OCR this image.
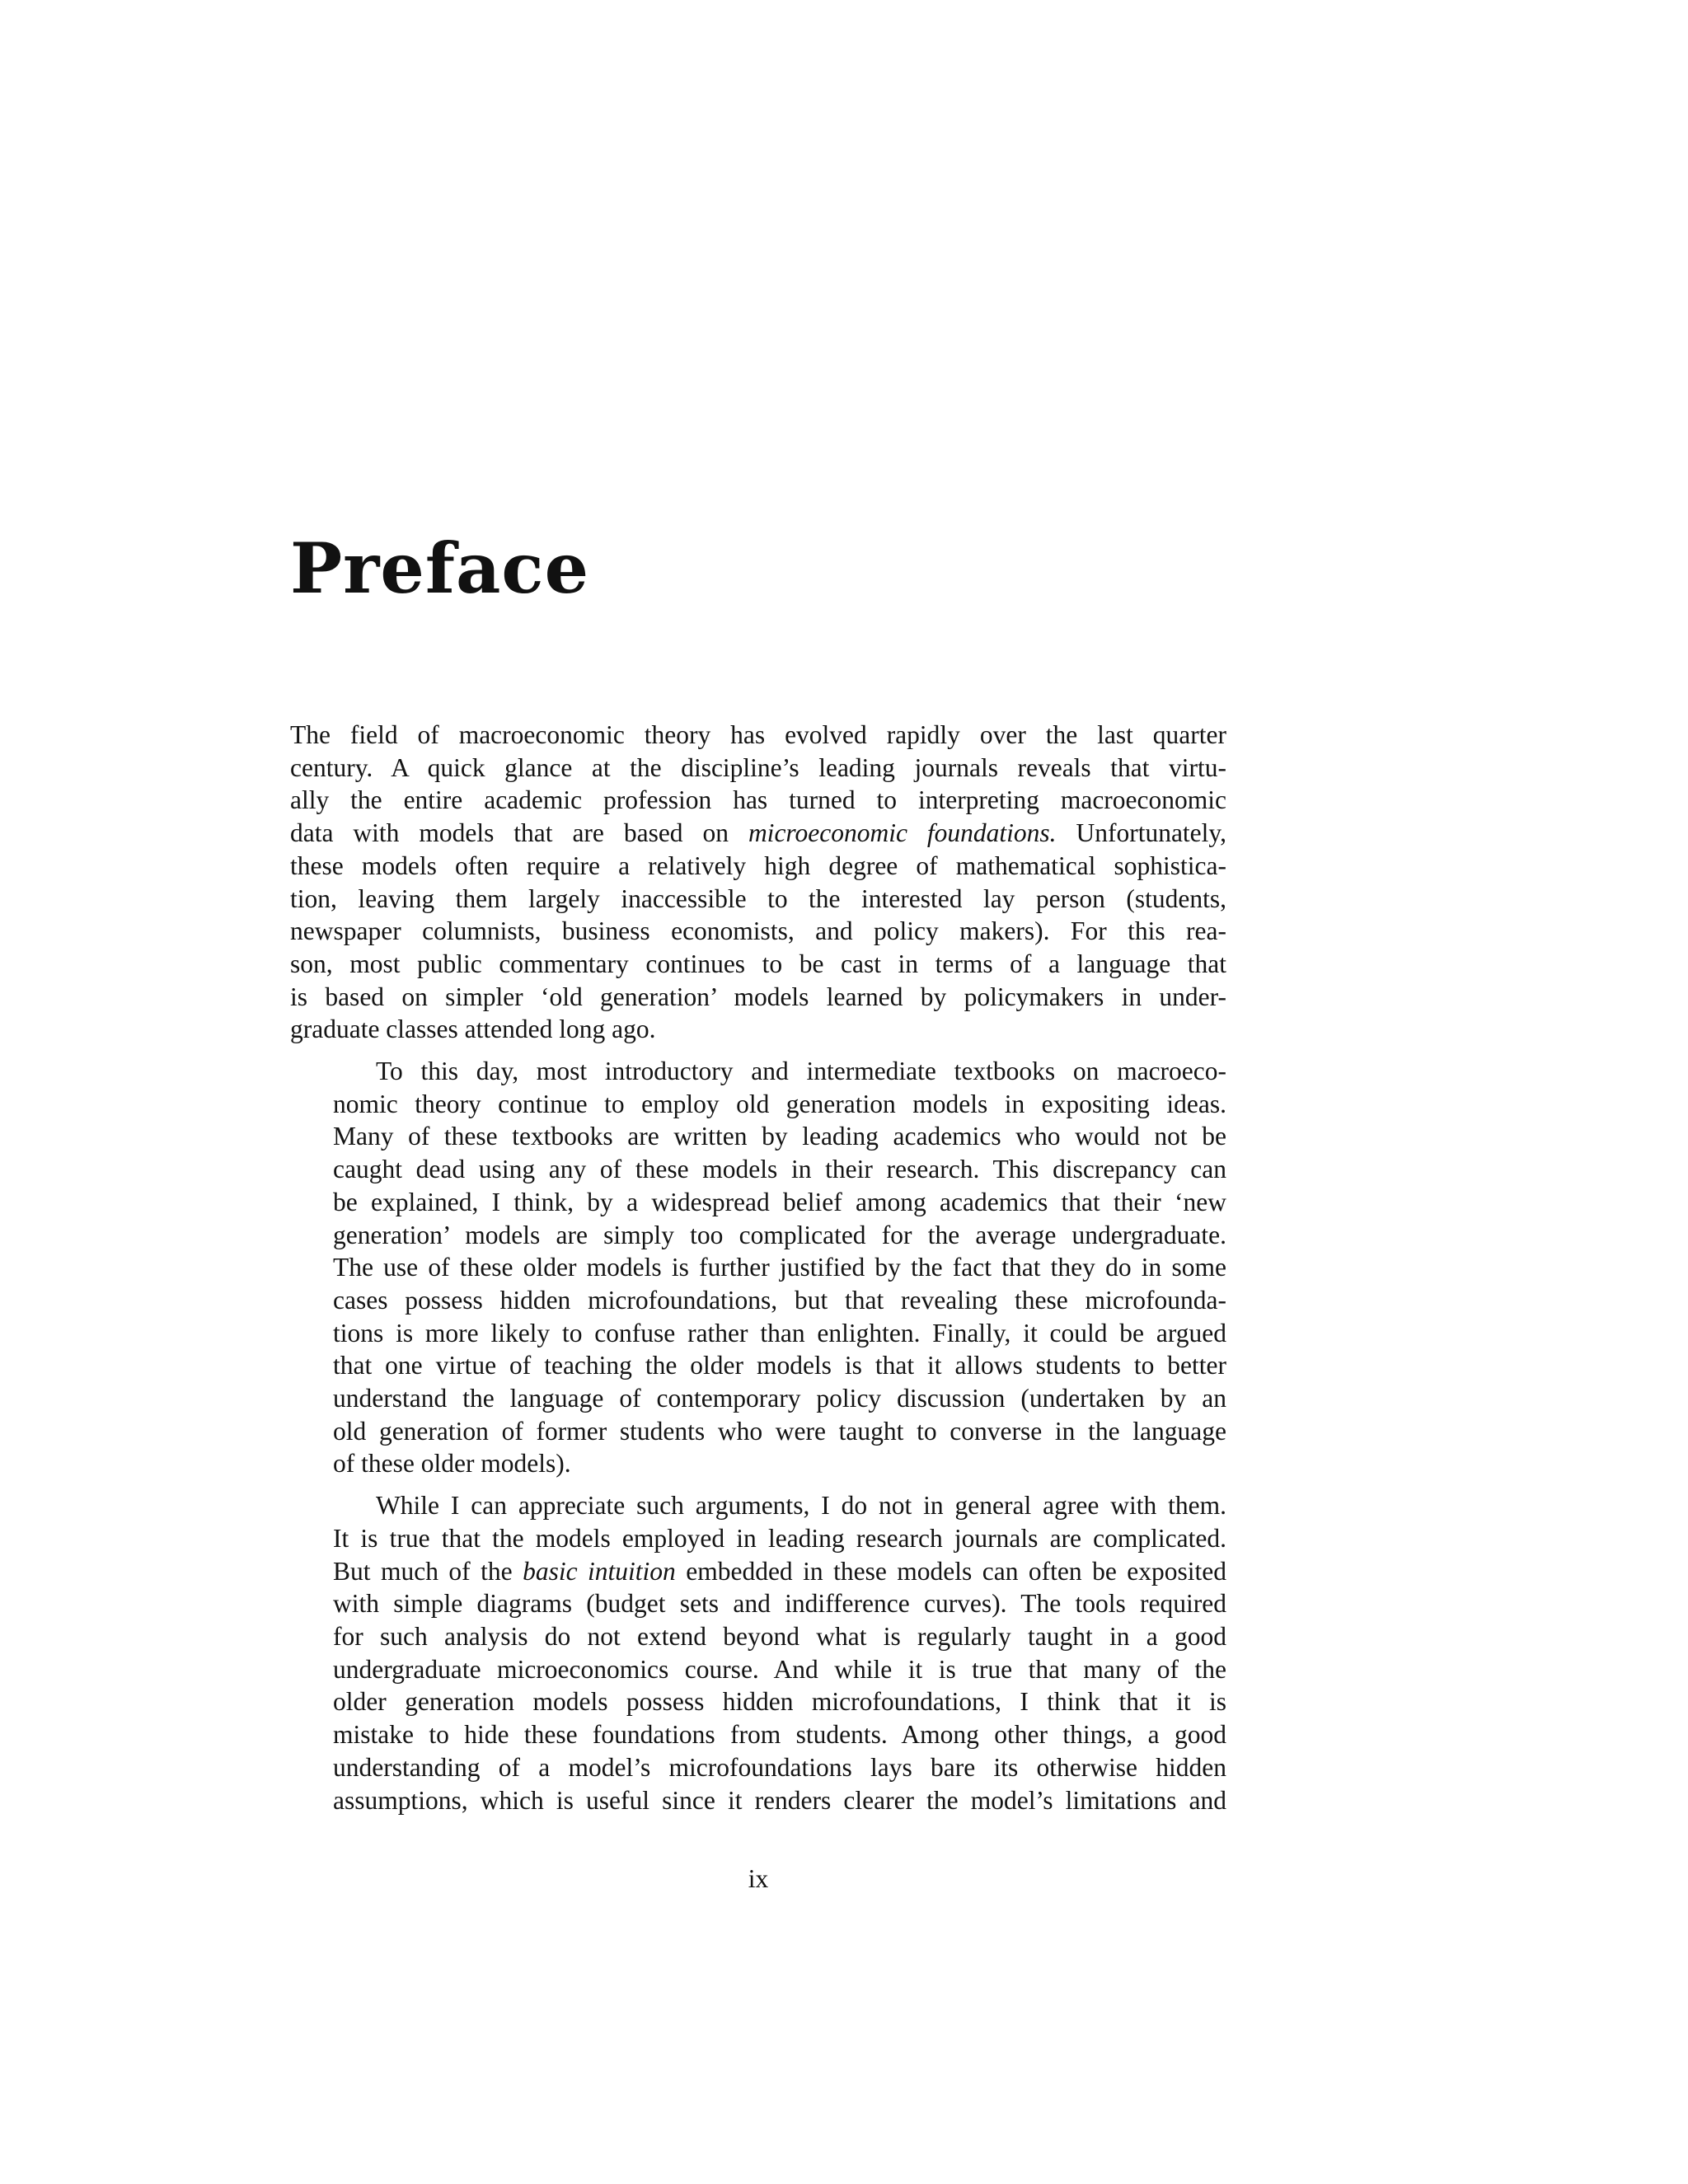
Preface

The field of macroeconomic theory has evolved rapidly over the last quarter
century. A quick glance at the discipline’s leading journals reveals that virtu-
ally the entire academic profession has turned to interpreting macroeconomic
data with models that are based on microeconomic foundations. Unfortunately,
these models often require a relatively high degree of mathematical sophistica-
tion, leaving them largely inaccessible to the interested lay person (students,
newspaper columnists, business economists, and policy makers). For this rea-
son, most public commentary continues to be cast in terms of a language that
is based on simpler ‘old generation’ models learned by policymakers in under-
graduate classes attended long ago.

To this day, most introductory and intermediate textbooks on macroeco-
nomic theory continue to employ old generation models in expositing ideas.
Many of these textbooks are written by leading academics who would not be
caught dead using any of these models in their research. This discrepancy can
be explained, I think, by a widespread belief among academics that their ‘new
generation’ models are simply too complicated for the average undergraduate.
The use of these older models is further justified by the fact that they do in some
cases possess hidden microfoundations, but that revealing these microfounda-
tions is more likely to confuse rather than enlighten. Finally, it could be argued
that one virtue of teaching the older models is that it allows students to better
understand the language of contemporary policy discussion (undertaken by an
old generation of former students who were taught to converse in the language
of these older models).

While I can appreciate such arguments, I do not in general agree with them.
It is true that the models employed in leading research journals are complicated.
But much of the basic intuition embedded in these models can often be exposited
with simple diagrams (budget sets and indifference curves). The tools required
for such analysis do not extend beyond what is regularly taught in a good
undergraduate microeconomics course. And while it is true that many of the
older generation models possess hidden microfoundations, I think that it is
mistake to hide these foundations from students. Among other things, a good
understanding of a model’s microfoundations lays bare its otherwise hidden
assumptions, which is useful since it renders clearer the model’s limitations and

ix
